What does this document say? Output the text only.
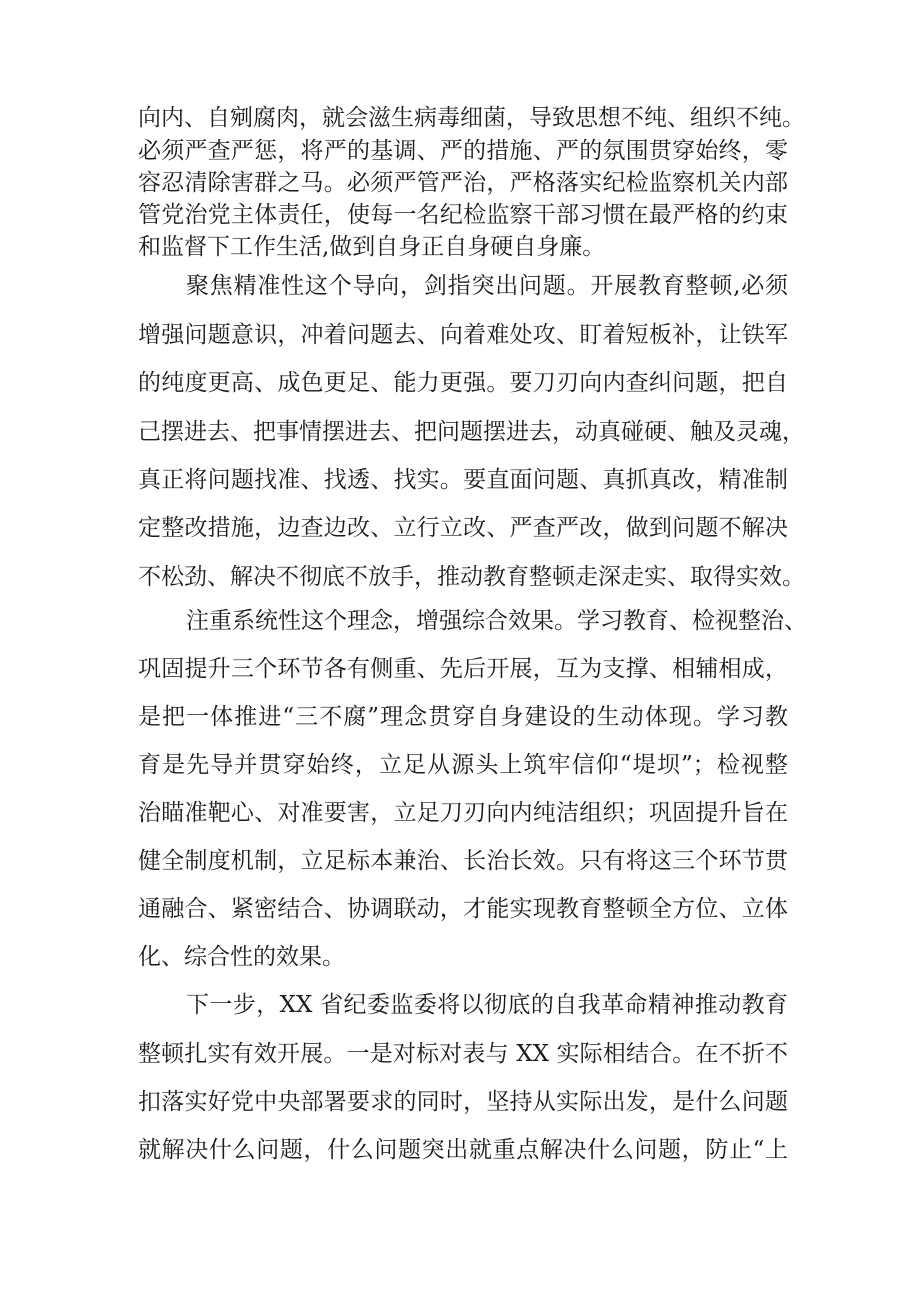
向内、自剜腐肉，就会滋生病毒细菌，导致思想不纯、组织不纯。
必须严查严惩，将严的基调、严的措施、严的氛围贯穿始终，零
容忍清除害群之马。必须严管严治，严格落实纪检监察机关内部
管党治党主体责任，使每一名纪检监察干部习惯在最严格的约束
和监督下工作生活,做到自身正自身硬自身廉。
聚焦精准性这个导向，剑指突出问题。开展教育整顿,必须
增强问题意识，冲着问题去、向着难处攻、盯着短板补，让铁军
的纯度更高、成色更足、能力更强。要刀刃向内查纠问题，把自
己摆进去、把事情摆进去、把问题摆进去，动真碰硬、触及灵魂，
真正将问题找准、找透、找实。要直面问题、真抓真改，精准制
定整改措施，边查边改、立行立改、严查严改，做到问题不解决
不松劲、解决不彻底不放手，推动教育整顿走深走实、取得实效。
注重系统性这个理念，增强综合效果。学习教育、检视整治、
巩固提升三个环节各有侧重、先后开展，互为支撑、相辅相成，
是把一体推进“三不腐”理念贯穿自身建设的生动体现。学习教
育是先导并贯穿始终，立足从源头上筑牢信仰“堤坝”；检视整
治瞄准靶心、对准要害，立足刀刃向内纯洁组织；巩固提升旨在
健全制度机制，立足标本兼治、长治长效。只有将这三个环节贯
通融合、紧密结合、协调联动，才能实现教育整顿全方位、立体
化、综合性的效果。
下一步，XX 省纪委监委将以彻底的自我革命精神推动教育
整顿扎实有效开展。一是对标对表与 XX 实际相结合。在不折不
扣落实好党中央部署要求的同时，坚持从实际出发，是什么问题
就解决什么问题，什么问题突出就重点解决什么问题，防止“上
